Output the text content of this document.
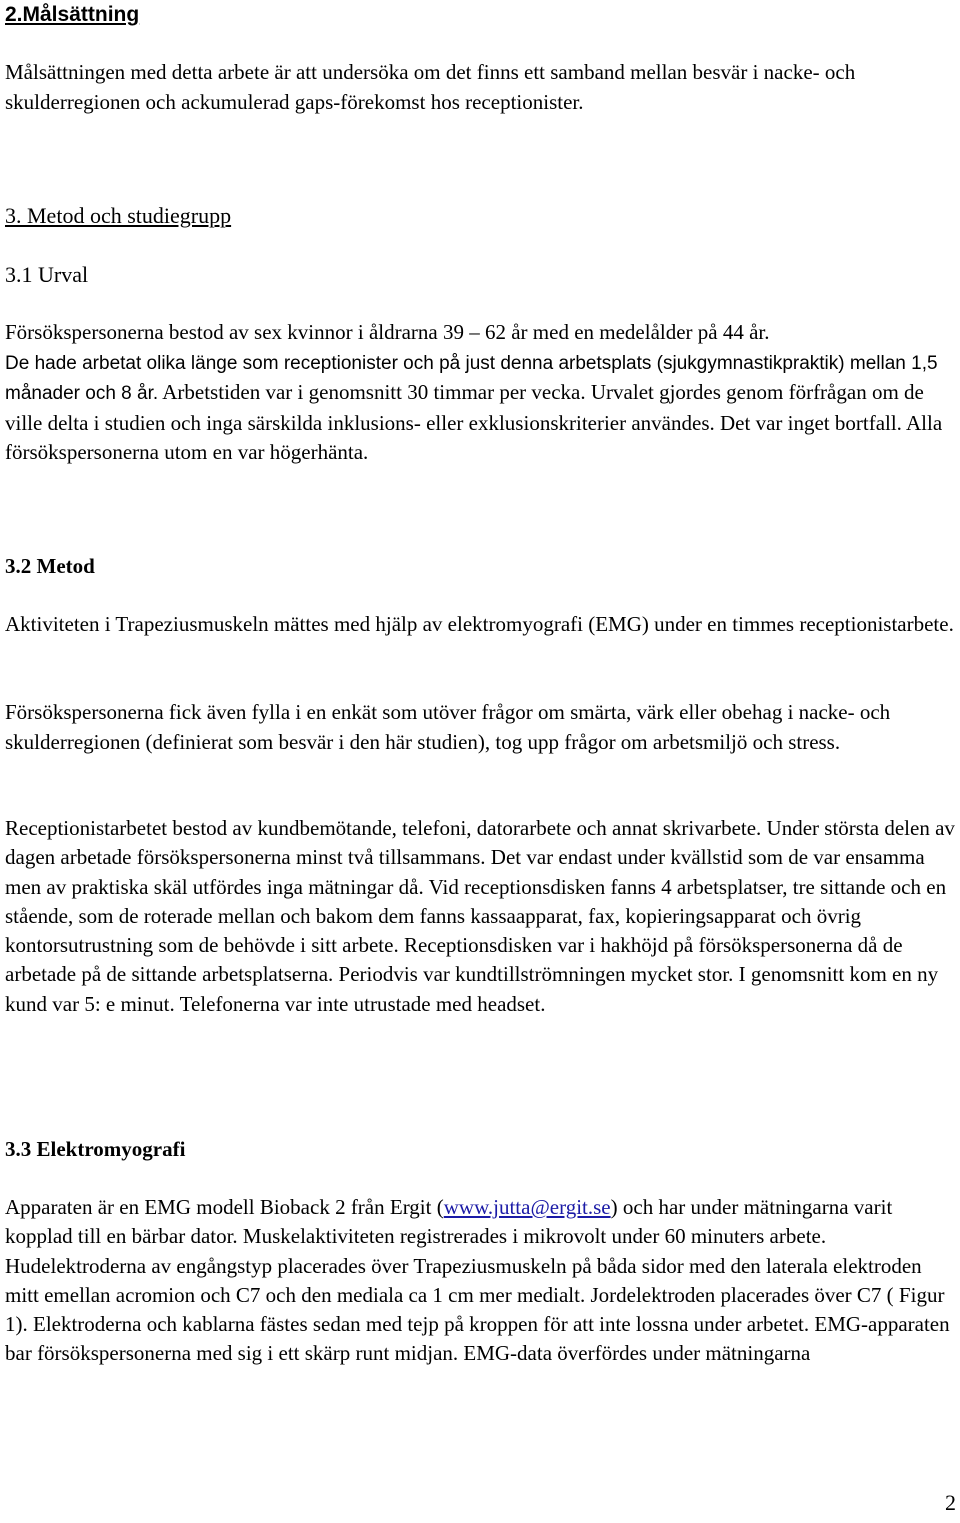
2.Målsättning

Målsättningen med detta arbete är att undersöka om det finns ett samband mellan besvär i nacke- och skulderregionen och ackumulerad gaps-förekomst hos receptionister.

3. Metod och studiegrupp
3.1 Urval

Försökspersonerna bestod av sex kvinnor i åldrarna 39 – 62 år med en medelålder på 44 år.
De hade arbetat olika länge som receptionister och på just denna arbetsplats (sjukgymnastikpraktik) mellan 1,5 månader och 8 år. Arbetstiden var i genomsnitt 30 timmar per vecka. Urvalet gjordes genom förfrågan om de ville delta i studien och inga särskilda inklusions- eller exklusionskriterier användes. Det var inget bortfall. Alla försökspersonerna utom en var högerhänta.

3.2 Metod

Aktiviteten i Trapeziusmuskeln mättes med hjälp av elektromyografi (EMG) under en timmes receptionistarbete.

Försökspersonerna fick även fylla i en enkät som utöver frågor om smärta, värk eller obehag i nacke- och skulderregionen (definierat som besvär i den här studien), tog upp frågor om arbetsmiljö och stress.

Receptionistarbetet bestod av kundbemötande, telefoni, datorarbete och annat skrivarbete. Under största delen av dagen arbetade försökspersonerna minst två tillsammans. Det var endast under kvällstid som de var ensamma men av praktiska skäl utfördes inga mätningar då. Vid receptionsdisken fanns 4 arbetsplatser, tre sittande och en stående, som de roterade mellan och bakom dem fanns kassaapparat, fax, kopieringsapparat och övrig kontorsutrustning som de behövde i sitt arbete. Receptionsdisken var i hakhöjd på försökspersonerna då de arbetade på de sittande arbetsplatserna. Periodvis var kundtillströmningen mycket stor. I genomsnitt kom en ny kund var 5: e minut. Telefonerna var inte utrustade med headset.

3.3 Elektromyografi

Apparaten är en EMG modell Bioback 2 från Ergit (www.jutta@ergit.se) och har under mätningarna varit kopplad till en bärbar dator. Muskelaktiviteten registrerades i mikrovolt under 60 minuters arbete. Hudelektroderna av engångstyp placerades över Trapeziusmuskeln på båda sidor med den laterala elektroden mitt emellan acromion och C7 och den mediala ca 1 cm mer medialt. Jordelektroden placerades över C7 ( Figur 1). Elektroderna och kablarna fästes sedan med tejp på kroppen för att inte lossna under arbetet. EMG-apparaten bar försökspersonerna med sig i ett skärp runt midjan. EMG-data överfördes under mätningarna

2
